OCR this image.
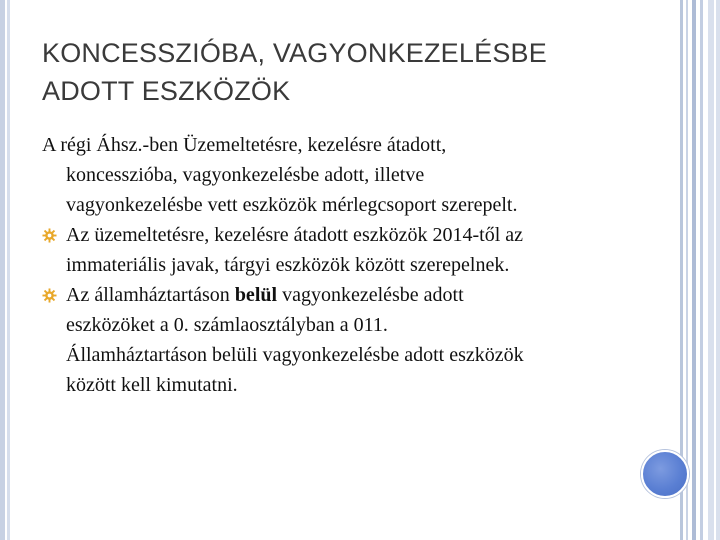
KONCESSZIÓBA, VAGYONKEZELÉSBE
ADOTT ESZKÖZÖK
A régi Áhsz.-ben Üzemeltetésre, kezelésre átadott,
koncesszióba, vagyonkezelésbe adott, illetve
vagyonkezelésbe vett eszközök mérlegcsoport szerepelt.
Az üzemeltetésre, kezelésre átadott eszközök 2014-től az
immateriális javak, tárgyi eszközök között szerepelnek.
Az államháztartáson belül vagyonkezelésbe adott
eszközöket a 0. számlaosztályban a 011.
Államháztartáson belüli vagyonkezelésbe adott eszközök
között kell kimutatni.
